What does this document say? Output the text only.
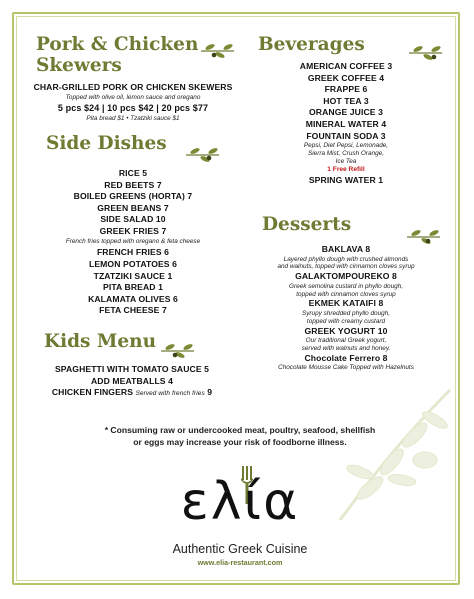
Pork & Chicken
Skewers
CHAR-GRILLED PORK OR CHICKEN SKEWERS
Topped with olive oil, lemon sauce and oregano
5 pcs $24 | 10 pcs $42 | 20 pcs $77
Pita bread $1 • Tzatziki sauce $1
Side Dishes
RICE 5
RED BEETS 7
BOILED GREENS (HORTA) 7
GREEN BEANS 7
SIDE SALAD 10
GREEK FRIES 7
French fries topped with oregano & feta cheese
FRENCH FRIES 6
LEMON POTATOES 6
TZATZIKI SAUCE 1
PITA BREAD 1
KALAMATA OLIVES 6
FETA CHEESE 7
Kids Menu
SPAGHETTI WITH TOMATO SAUCE 5
ADD MEATBALLS 4
CHICKEN FINGERS Served with french fries 9
Beverages
AMERICAN COFFEE 3
GREEK COFFEE 4
FRAPPE 6
HOT TEA 3
ORANGE JUICE 3
MINERAL WATER 4
FOUNTAIN SODA 3
Pepsi, Diet Pepsi, Lemonade,
Sierra Mist, Crush Orange,
Ice Tea
1 Free Refill
SPRING WATER 1
Desserts
BAKLAVA 8
Layered phyllo dough with crushed almonds
and walnuts, topped with cinnamon cloves syrup
GALAKTOMPOUREKO 8
Greek semolina custard in phyllo dough,
topped with cinnamon cloves syrup
EKMEK KATAIFI 8
Syrupy shredded phyllo dough,
topped with creamy custard
GREEK YOGURT 10
Our traditional Greek yogurt,
served with walnuts and honey.
Chocolate Ferrero 8
Chocolate Mousse Cake Topped with Hazelnuts
* Consuming raw or undercooked meat, poultry, seafood, shellfish or eggs may increase your risk of foodborne illness.
ελία
Authentic Greek Cuisine
www.elia-restaurant.com
